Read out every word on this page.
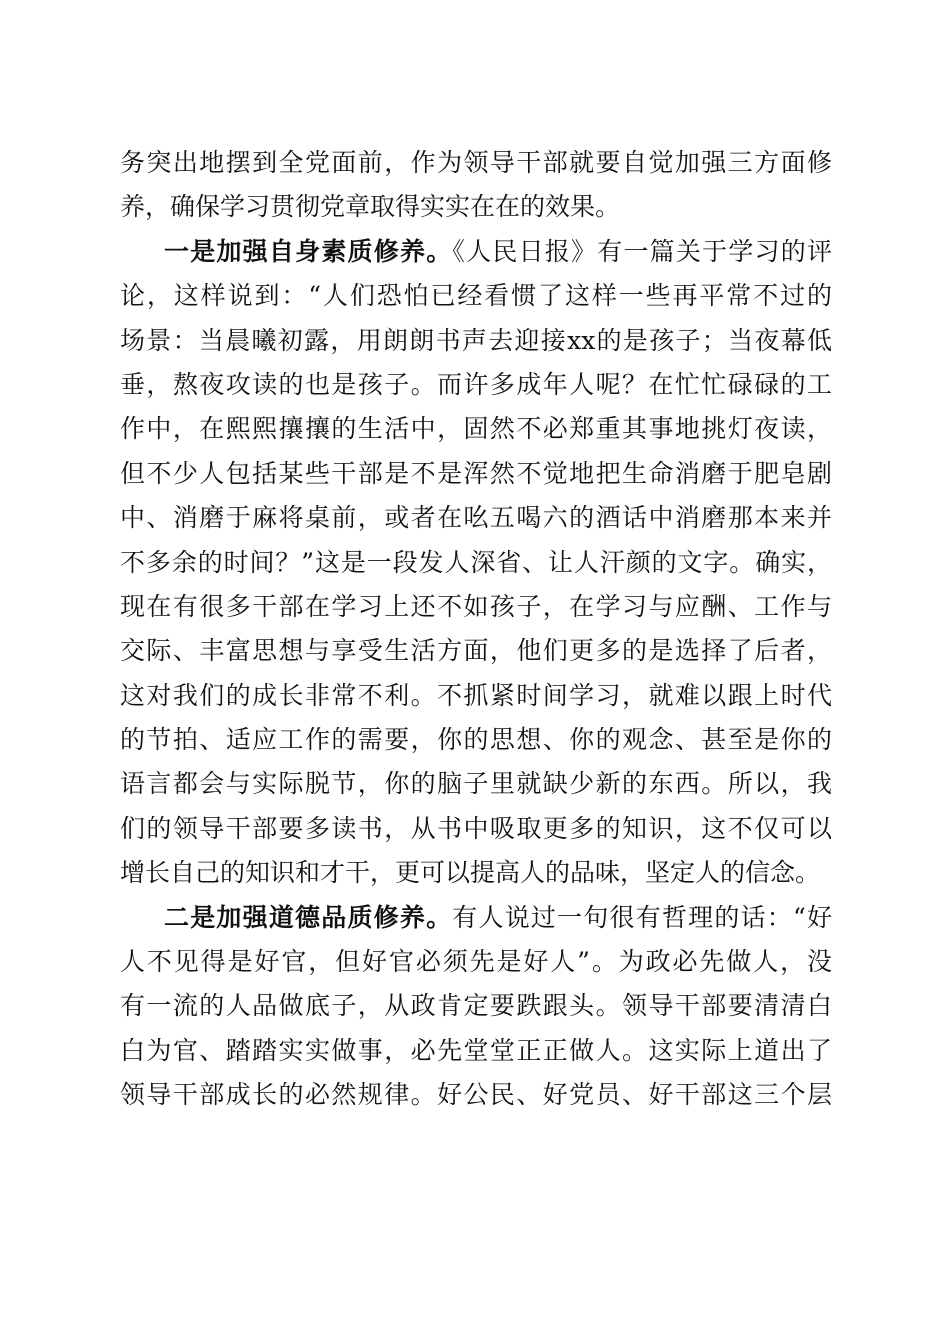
务突出地摆到全党面前，作为领导干部就要自觉加强三方面修
养，确保学习贯彻党章取得实实在在的效果。
一是加强自身素质修养。《人民日报》有一篇关于学习的评
论，这样说到：“人们恐怕已经看惯了这样一些再平常不过的
场景：当晨曦初露，用朗朗书声去迎接xx的是孩子；当夜幕低
垂，熬夜攻读的也是孩子。而许多成年人呢？在忙忙碌碌的工
作中，在熙熙攘攘的生活中，固然不必郑重其事地挑灯夜读，
但不少人包括某些干部是不是浑然不觉地把生命消磨于肥皂剧
中、消磨于麻将桌前，或者在吆五喝六的酒话中消磨那本来并
不多余的时间？”这是一段发人深省、让人汗颜的文字。确实，
现在有很多干部在学习上还不如孩子，在学习与应酬、工作与
交际、丰富思想与享受生活方面，他们更多的是选择了后者，
这对我们的成长非常不利。不抓紧时间学习，就难以跟上时代
的节拍、适应工作的需要，你的思想、你的观念、甚至是你的
语言都会与实际脱节，你的脑子里就缺少新的东西。所以，我
们的领导干部要多读书，从书中吸取更多的知识，这不仅可以
增长自己的知识和才干，更可以提高人的品味，坚定人的信念。
二是加强道德品质修养。有人说过一句很有哲理的话：“好
人不见得是好官，但好官必须先是好人”。为政必先做人，没
有一流的人品做底子，从政肯定要跌跟头。领导干部要清清白
白为官、踏踏实实做事，必先堂堂正正做人。这实际上道出了
领导干部成长的必然规律。好公民、好党员、好干部这三个层
